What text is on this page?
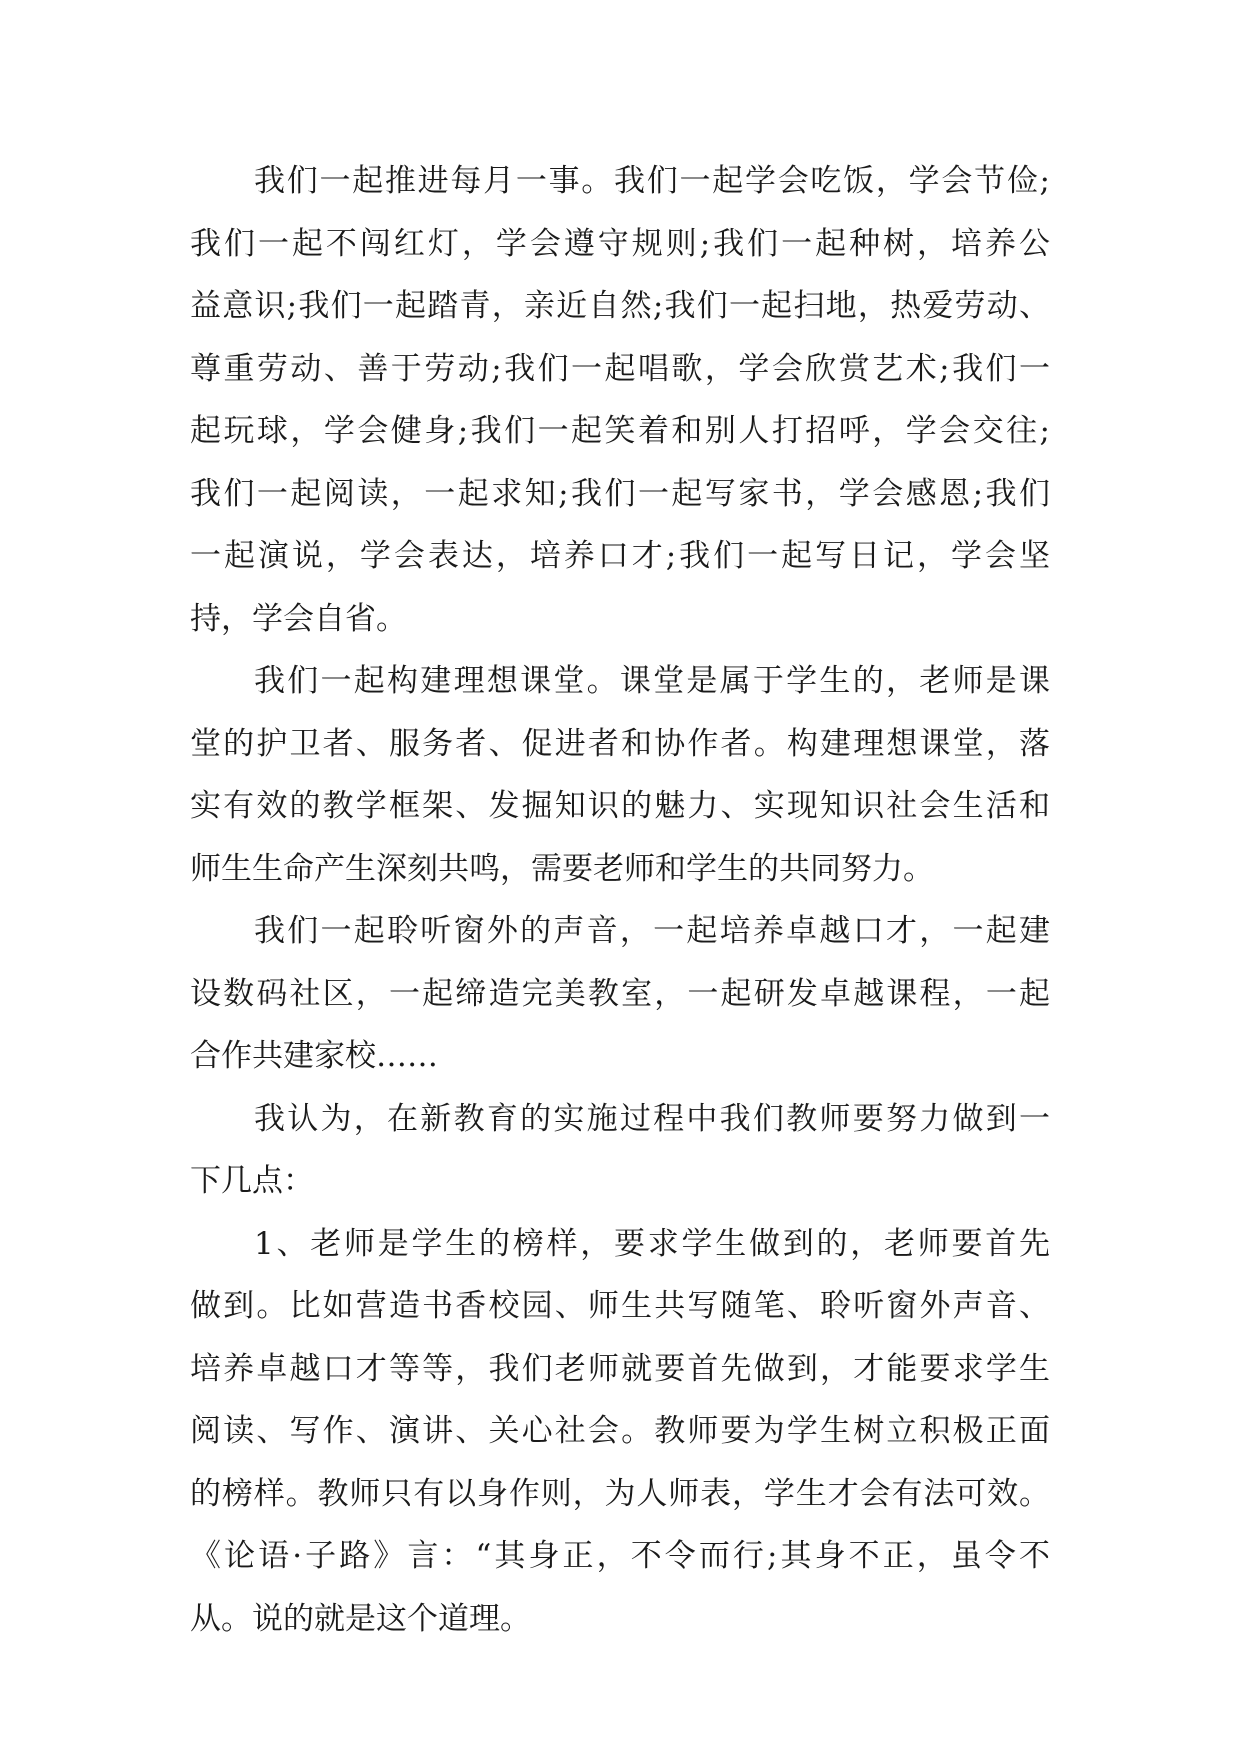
我们一起推进每月一事。我们一起学会吃饭，学会节俭;
我们一起不闯红灯，学会遵守规则;我们一起种树，培养公
益意识;我们一起踏青，亲近自然;我们一起扫地，热爱劳动、
尊重劳动、善于劳动;我们一起唱歌，学会欣赏艺术;我们一
起玩球，学会健身;我们一起笑着和别人打招呼，学会交往;
我们一起阅读，一起求知;我们一起写家书，学会感恩;我们
一起演说，学会表达，培养口才;我们一起写日记，学会坚
持，学会自省。
我们一起构建理想课堂。课堂是属于学生的，老师是课
堂的护卫者、服务者、促进者和协作者。构建理想课堂，落
实有效的教学框架、发掘知识的魅力、实现知识社会生活和
师生生命产生深刻共鸣，需要老师和学生的共同努力。
我们一起聆听窗外的声音，一起培养卓越口才，一起建
设数码社区，一起缔造完美教室，一起研发卓越课程，一起
合作共建家校……
我认为，在新教育的实施过程中我们教师要努力做到一
下几点：
1、老师是学生的榜样，要求学生做到的，老师要首先
做到。比如营造书香校园、师生共写随笔、聆听窗外声音、
培养卓越口才等等，我们老师就要首先做到，才能要求学生
阅读、写作、演讲、关心社会。教师要为学生树立积极正面
的榜样。教师只有以身作则，为人师表，学生才会有法可效。
《论语·子路》言：“其身正，不令而行;其身不正，虽令不
从。说的就是这个道理。
